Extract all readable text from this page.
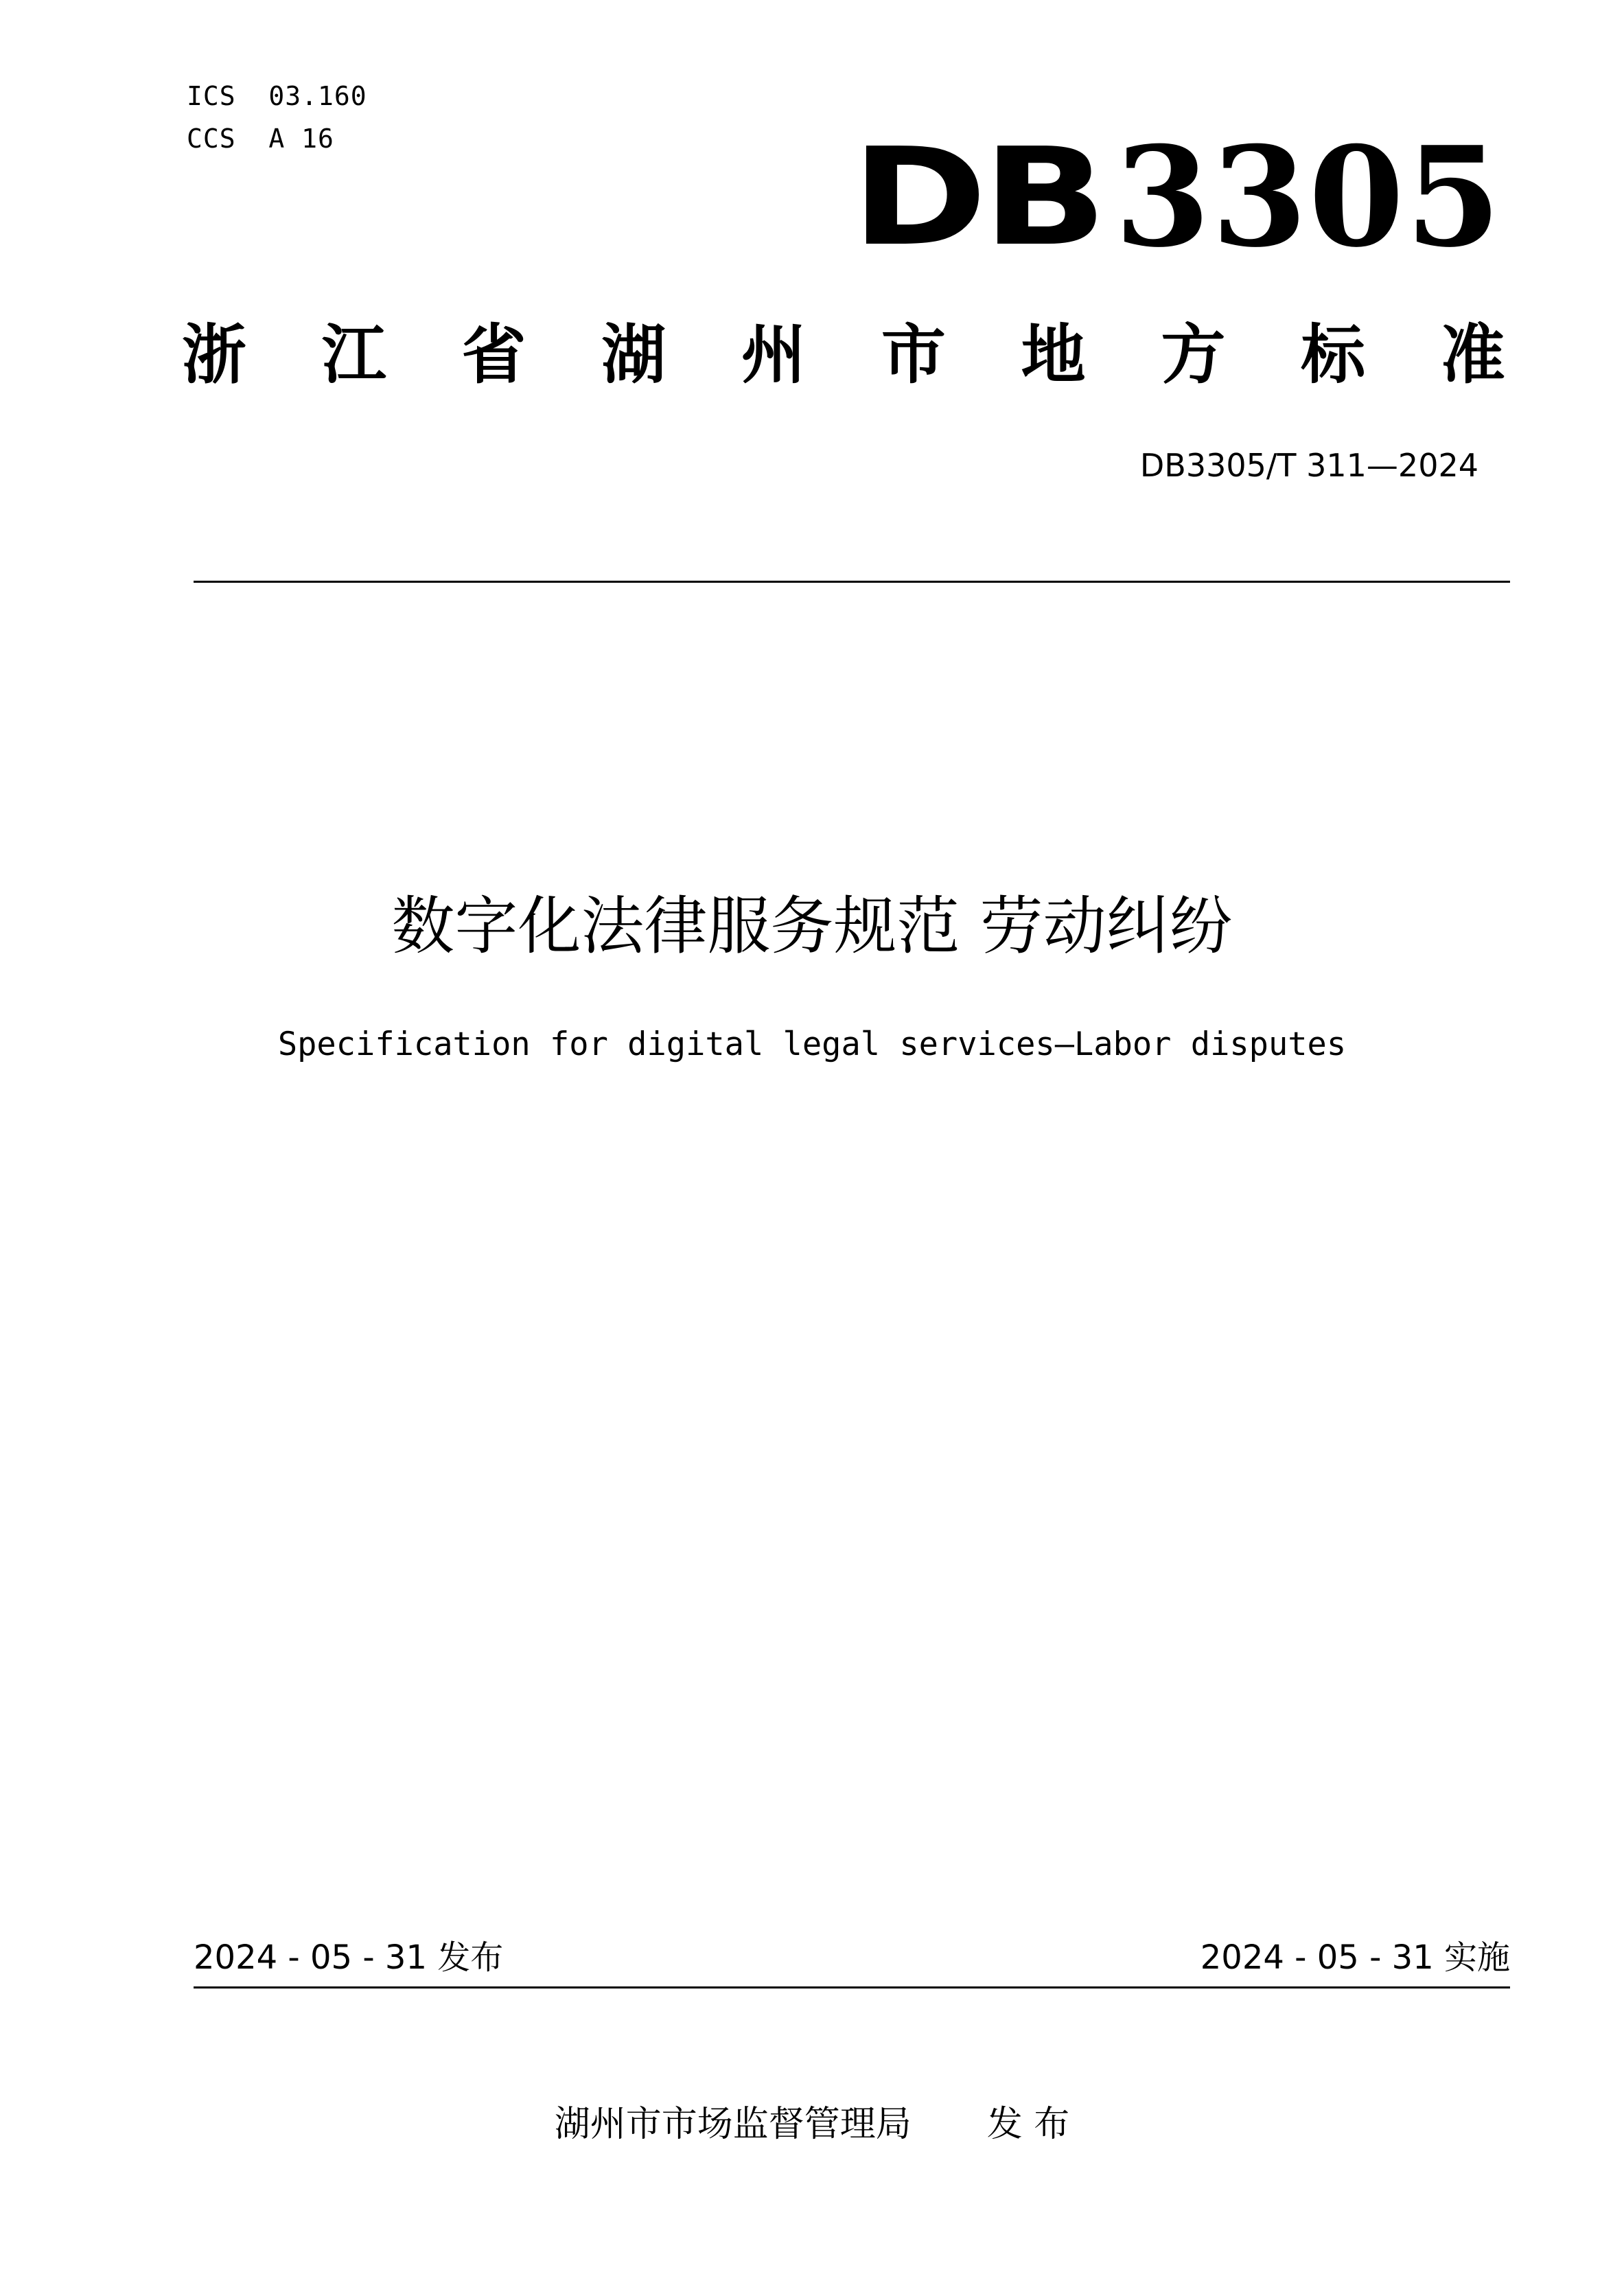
ICS  03.160
CCS  A 16	DB 3305
浙 江 省 湖 州 市 地 方 标 准
DB3305/T 311—2024
数字化法律服务规范 劳动纠纷
Specification for digital legal services—Labor disputes
2024 - 05 - 31 发布	2024 - 05 - 31 实施
湖州市市场监督管理局 发 布
